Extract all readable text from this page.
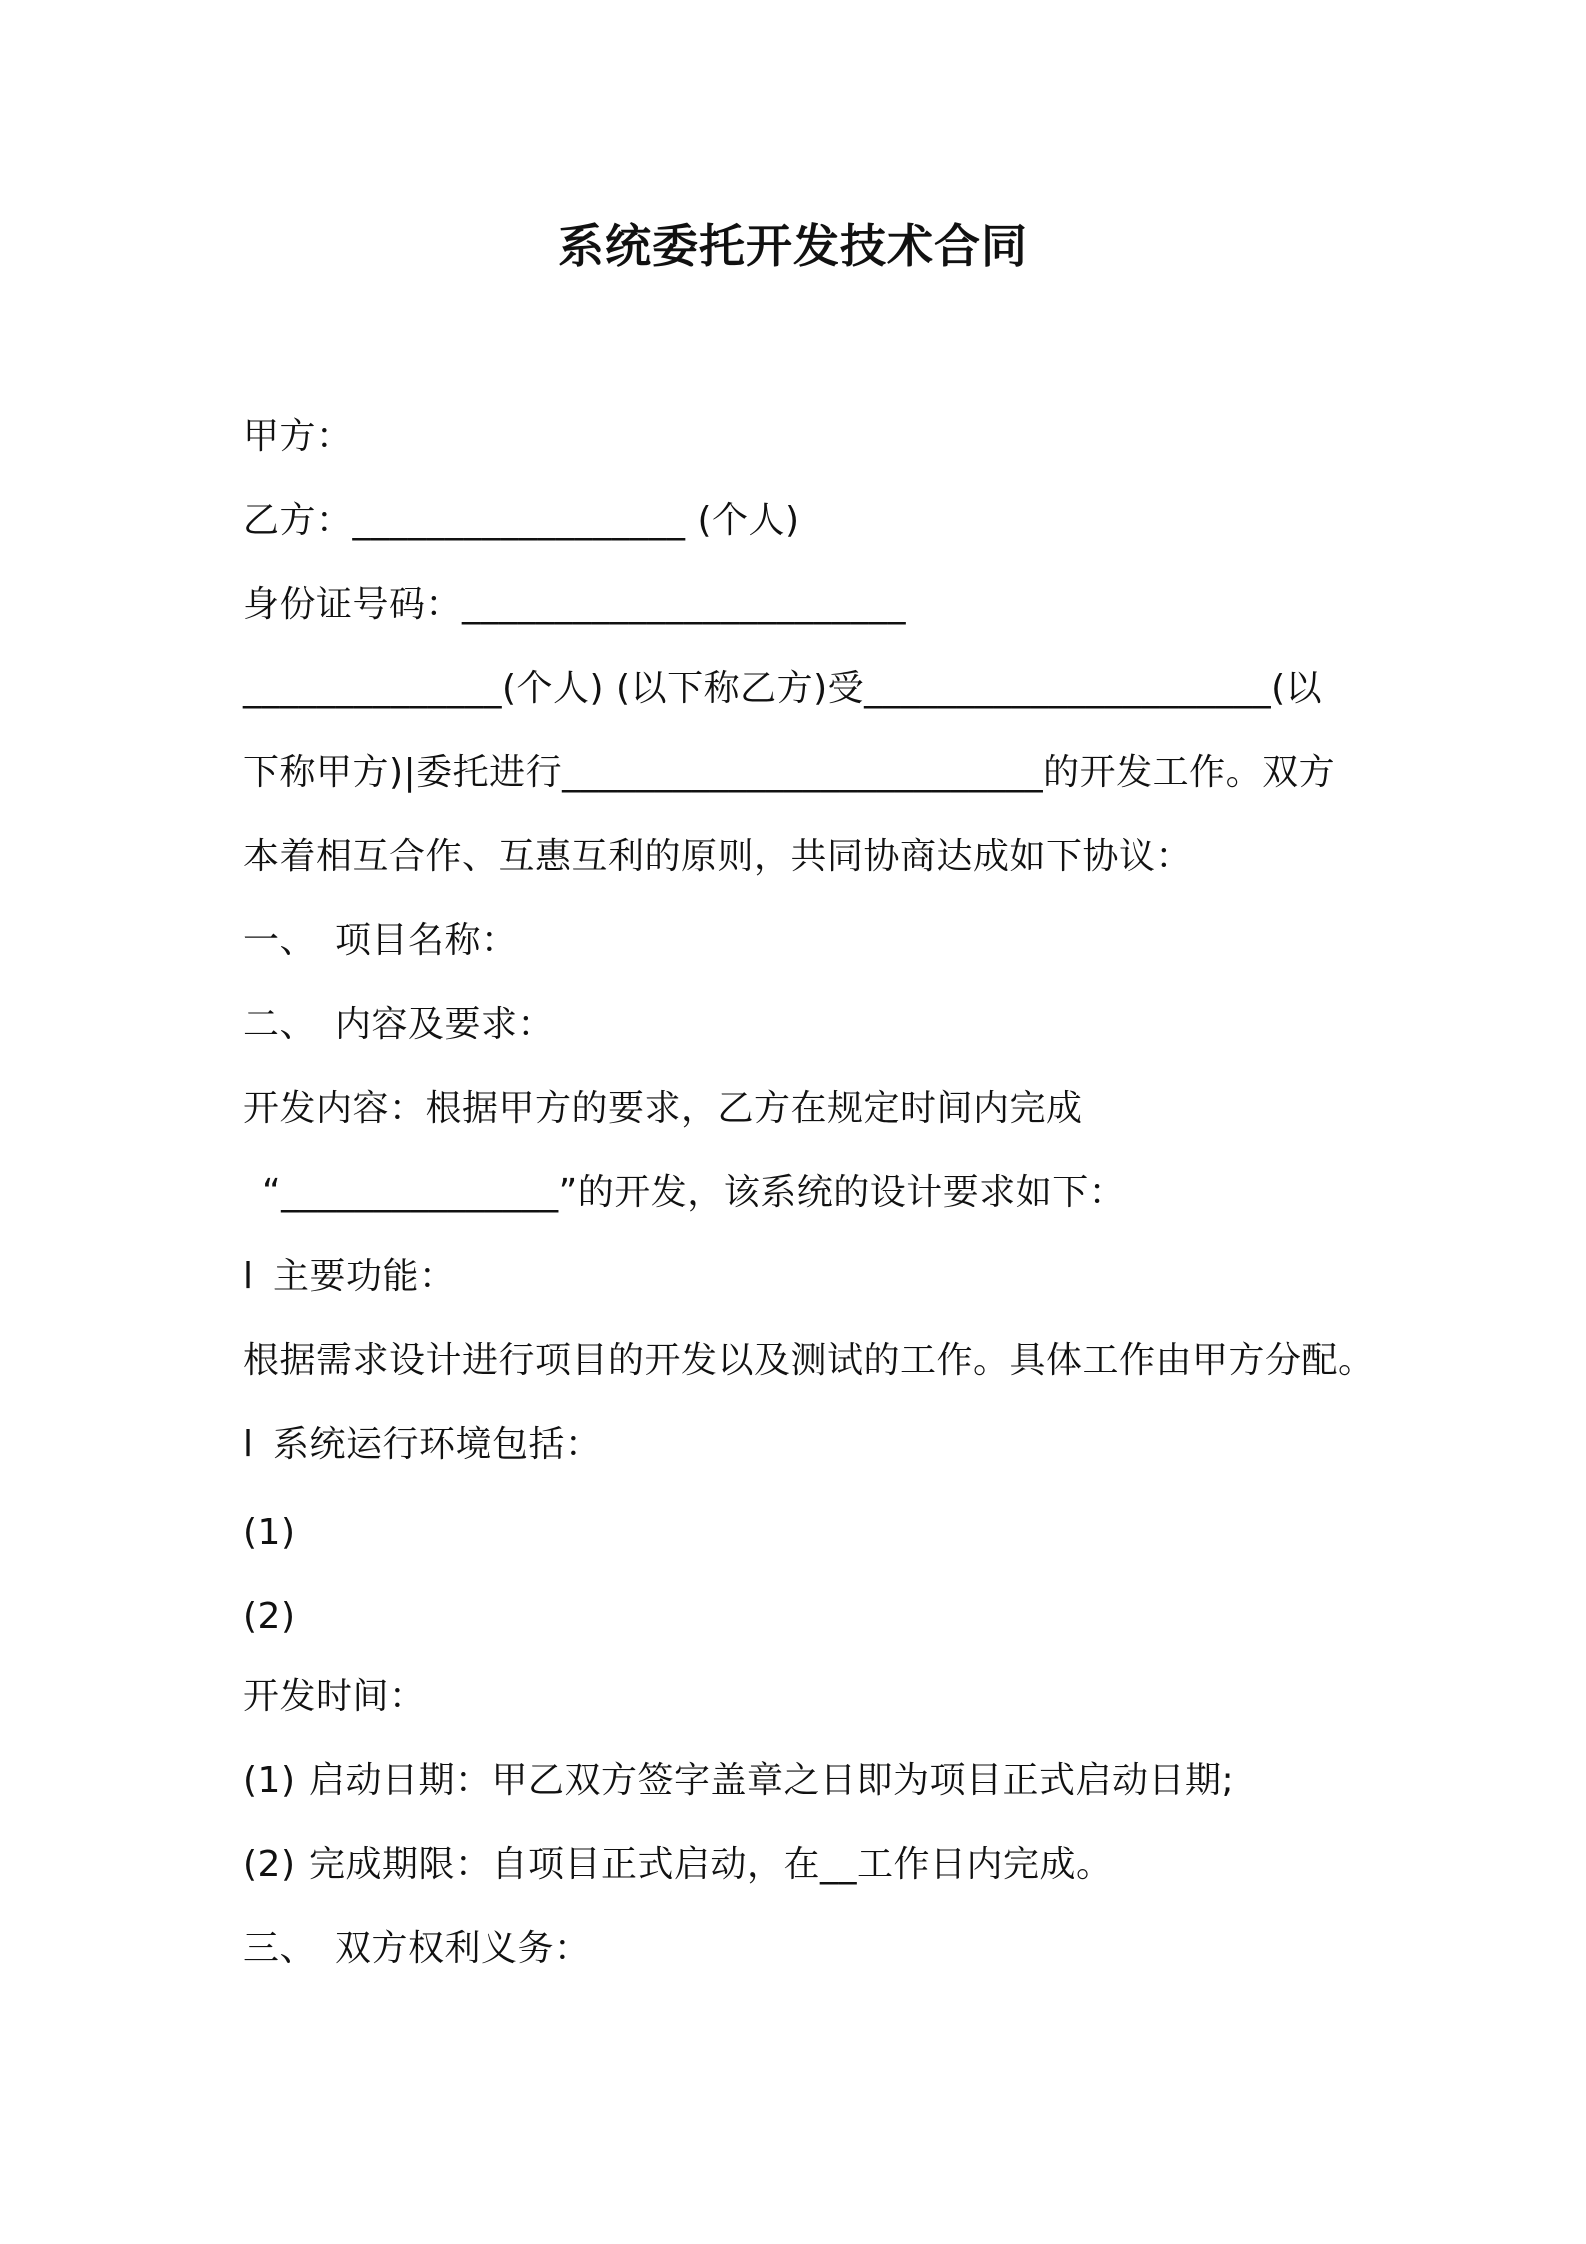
系统委托开发技术合同
甲方：
乙方：__________________ (个人)
身份证号码：________________________
______________(个人) (以下称乙方)受______________________(以
下称甲方)|委托进行__________________________的开发工作。双方
本着相互合作、互惠互利的原则，共同协商达成如下协议：
一、 项目名称：
二、 内容及要求：
开发内容：根据甲方的要求，乙方在规定时间内完成
“_______________”的开发，该系统的设计要求如下：
l 主要功能：
根据需求设计进行项目的开发以及测试的工作。具体工作由甲方分配。
l 系统运行环境包括：
(1)
(2)
开发时间：
(1) 启动日期：甲乙双方签字盖章之日即为项目正式启动日期;
(2) 完成期限：自项目正式启动，在__工作日内完成。
三、 双方权利义务：
